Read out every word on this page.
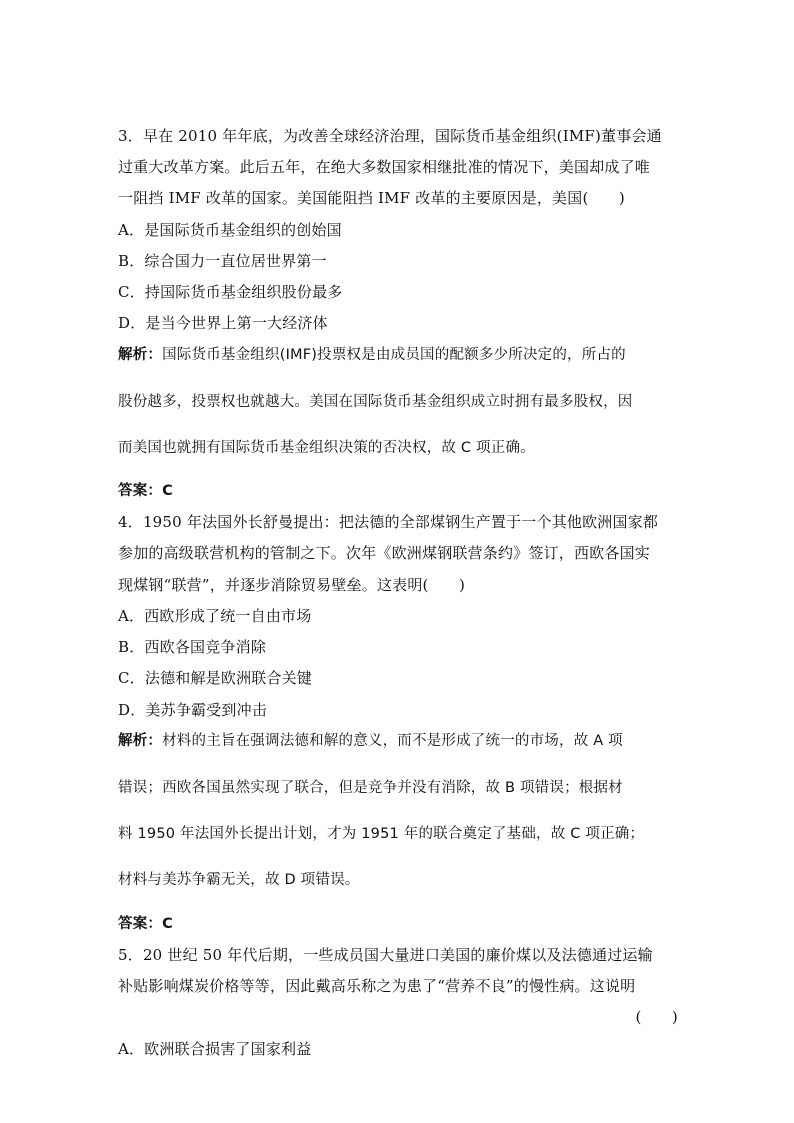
3．早在 2010 年年底，为改善全球经济治理，国际货币基金组织(IMF)董事会通
过重大改革方案。此后五年，在绝大多数国家相继批准的情况下，美国却成了唯
一阻挡 IMF 改革的国家。美国能阻挡 IMF 改革的主要原因是，美国(　　)
A．是国际货币基金组织的创始国
B．综合国力一直位居世界第一
C．持国际货币基金组织股份最多
D．是当今世界上第一大经济体
解析：国际货币基金组织(IMF)投票权是由成员国的配额多少所决定的，所占的
股份越多，投票权也就越大。美国在国际货币基金组织成立时拥有最多股权，因
而美国也就拥有国际货币基金组织决策的否决权，故 C 项正确。
答案：C
4．1950 年法国外长舒曼提出：把法德的全部煤钢生产置于一个其他欧洲国家都
参加的高级联营机构的管制之下。次年《欧洲煤钢联营条约》签订，西欧各国实
现煤钢“联营”，并逐步消除贸易壁垒。这表明(　　)
A．西欧形成了统一自由市场
B．西欧各国竞争消除
C．法德和解是欧洲联合关键
D．美苏争霸受到冲击
解析：材料的主旨在强调法德和解的意义，而不是形成了统一的市场，故 A 项
错误；西欧各国虽然实现了联合，但是竞争并没有消除，故 B 项错误；根据材
料 1950 年法国外长提出计划，才为 1951 年的联合奠定了基础，故 C 项正确；
材料与美苏争霸无关，故 D 项错误。
答案：C
5．20 世纪 50 年代后期，一些成员国大量进口美国的廉价煤以及法德通过运输
补贴影响煤炭价格等等，因此戴高乐称之为患了“营养不良”的慢性病。这说明
(　　)
A．欧洲联合损害了国家利益
